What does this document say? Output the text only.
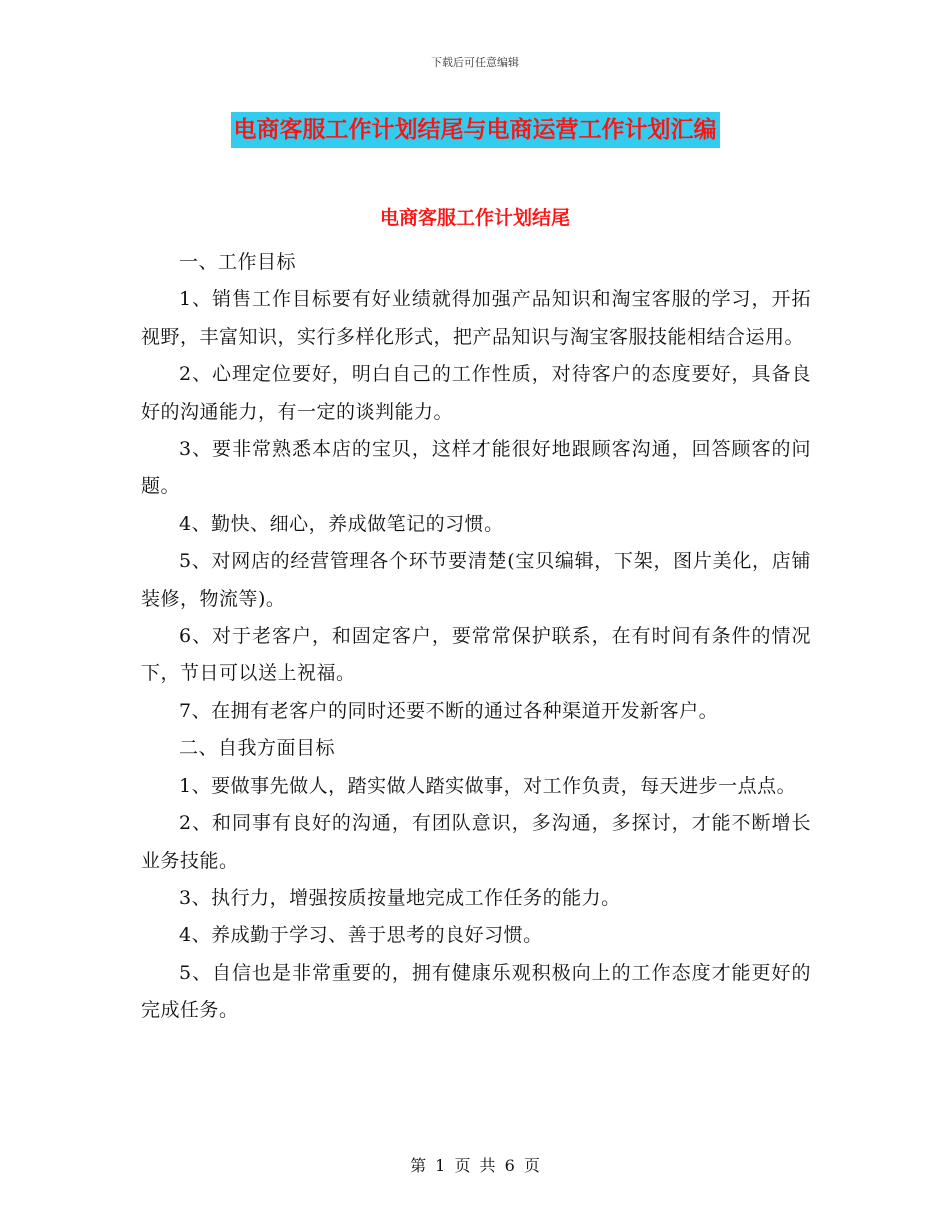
下载后可任意编辑
电商客服工作计划结尾与电商运营工作计划汇编
电商客服工作计划结尾

一、工作目标

1、销售工作目标要有好业绩就得加强产品知识和淘宝客服的学习，开拓视野，丰富知识，实行多样化形式，把产品知识与淘宝客服技能相结合运用。

2、心理定位要好，明白自己的工作性质，对待客户的态度要好，具备良好的沟通能力，有一定的谈判能力。

3、要非常熟悉本店的宝贝，这样才能很好地跟顾客沟通，回答顾客的问题。

4、勤快、细心，养成做笔记的习惯。

5、对网店的经营管理各个环节要清楚(宝贝编辑，下架，图片美化，店铺装修，物流等)。

6、对于老客户，和固定客户，要常常保护联系，在有时间有条件的情况下，节日可以送上祝福。

7、在拥有老客户的同时还要不断的通过各种渠道开发新客户。

二、自我方面目标

1、要做事先做人，踏实做人踏实做事，对工作负责，每天进步一点点。

2、和同事有良好的沟通，有团队意识，多沟通，多探讨，才能不断增长业务技能。

3、执行力，增强按质按量地完成工作任务的能力。

4、养成勤于学习、善于思考的良好习惯。

5、自信也是非常重要的，拥有健康乐观积极向上的工作态度才能更好的完成任务。

第 1 页 共 6 页
